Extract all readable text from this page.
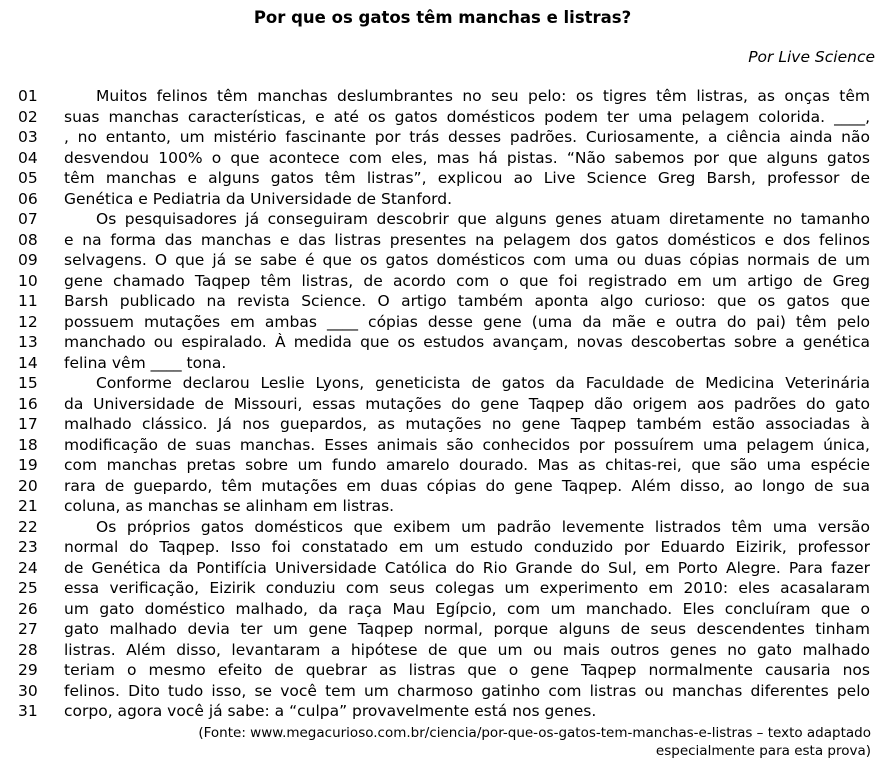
Por que os gatos têm manchas e listras?
Por Live Science
01	Muitos felinos têm manchas deslumbrantes no seu pelo: os tigres têm listras, as onças têm
02 suas manchas características, e até os gatos domésticos podem ter uma pelagem colorida. ____,
03 , no entanto, um mistério fascinante por trás desses padrões. Curiosamente, a ciência ainda não
04 desvendou 100% o que acontece com eles, mas há pistas. “Não sabemos por que alguns gatos
05 têm manchas e alguns gatos têm listras”, explicou ao Live Science Greg Barsh, professor de
06 Genética e Pediatria da Universidade de Stanford.
07	Os pesquisadores já conseguiram descobrir que alguns genes atuam diretamente no tamanho
08 e na forma das manchas e das listras presentes na pelagem dos gatos domésticos e dos felinos
09 selvagens. O que já se sabe é que os gatos domésticos com uma ou duas cópias normais de um
10 gene chamado Taqpep têm listras, de acordo com o que foi registrado em um artigo de Greg
11 Barsh publicado na revista Science. O artigo também aponta algo curioso: que os gatos que
12 possuem mutações em ambas ____ cópias desse gene (uma da mãe e outra do pai) têm pelo
13 manchado ou espiralado. À medida que os estudos avançam, novas descobertas sobre a genética
14 felina vêm ____ tona.
15	Conforme declarou Leslie Lyons, geneticista de gatos da Faculdade de Medicina Veterinária
16 da Universidade de Missouri, essas mutações do gene Taqpep dão origem aos padrões do gato
17 malhado clássico. Já nos guepardos, as mutações no gene Taqpep também estão associadas à
18 modificação de suas manchas. Esses animais são conhecidos por possuírem uma pelagem única,
19 com manchas pretas sobre um fundo amarelo dourado. Mas as chitas-rei, que são uma espécie
20 rara de guepardo, têm mutações em duas cópias do gene Taqpep. Além disso, ao longo de sua
21 coluna, as manchas se alinham em listras.
22	Os próprios gatos domésticos que exibem um padrão levemente listrados têm uma versão
23 normal do Taqpep. Isso foi constatado em um estudo conduzido por Eduardo Eizirik, professor
24 de Genética da Pontifícia Universidade Católica do Rio Grande do Sul, em Porto Alegre. Para fazer
25 essa verificação, Eizirik conduziu com seus colegas um experimento em 2010: eles acasalaram
26 um gato doméstico malhado, da raça Mau Egípcio, com um manchado. Eles concluíram que o
27 gato malhado devia ter um gene Taqpep normal, porque alguns de seus descendentes tinham
28 listras. Além disso, levantaram a hipótese de que um ou mais outros genes no gato malhado
29 teriam o mesmo efeito de quebrar as listras que o gene Taqpep normalmente causaria nos
30 felinos. Dito tudo isso, se você tem um charmoso gatinho com listras ou manchas diferentes pelo
31 corpo, agora você já sabe: a “culpa” provavelmente está nos genes.
(Fonte: www.megacurioso.com.br/ciencia/por-que-os-gatos-tem-manchas-e-listras – texto adaptado
especialmente para esta prova)
